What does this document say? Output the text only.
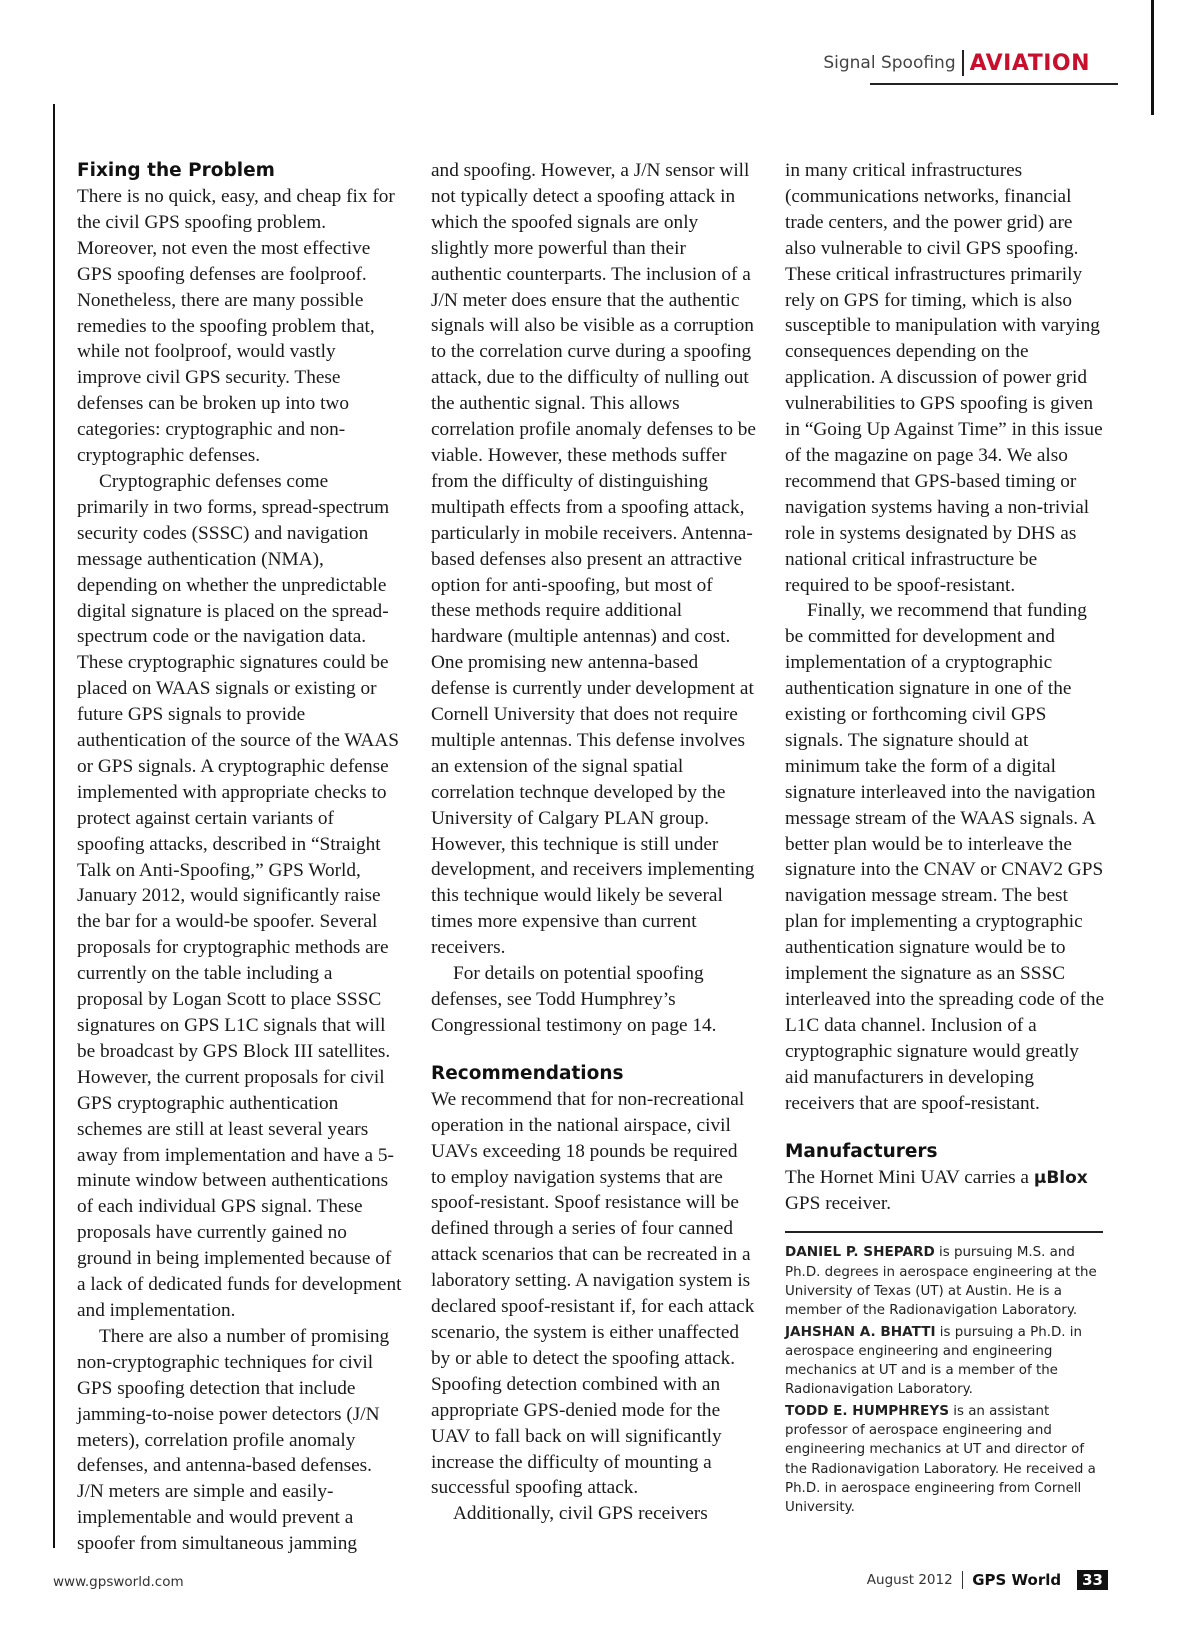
Signal Spoofing AVIATION
Fixing the Problem

There is no quick, easy, and cheap fix for the civil GPS spoofing problem. Moreover, not even the most effective GPS spoofing defenses are foolproof. Nonetheless, there are many possible remedies to the spoofing problem that, while not foolproof, would vastly improve civil GPS security. These defenses can be broken up into two categories: cryptographic and non-cryptographic defenses.

Cryptographic defenses come primarily in two forms, spread-spectrum security codes (SSSC) and navigation message authentication (NMA), depending on whether the unpredictable digital signature is placed on the spread-spectrum code or the navigation data. These cryptographic signatures could be placed on WAAS signals or existing or future GPS signals to provide authentication of the source of the WAAS or GPS signals. A cryptographic defense implemented with appropriate checks to protect against certain variants of spoofing attacks, described in “Straight Talk on Anti-Spoofing,” GPS World, January 2012, would significantly raise the bar for a would-be spoofer. Several proposals for cryptographic methods are currently on the table including a proposal by Logan Scott to place SSSC signatures on GPS L1C signals that will be broadcast by GPS Block III satellites. However, the current proposals for civil GPS cryptographic authentication schemes are still at least several years away from implementation and have a 5-minute window between authentications of each individual GPS signal. These proposals have currently gained no ground in being implemented because of a lack of dedicated funds for development and implementation.

There are also a number of promising non-cryptographic techniques for civil GPS spoofing detection that include jamming-to-noise power detectors (J/N meters), correlation profile anomaly defenses, and antenna-based defenses. J/N meters are simple and easily-implementable and would prevent a spoofer from simultaneous jamming

and spoofing. However, a J/N sensor will not typically detect a spoofing attack in which the spoofed signals are only slightly more powerful than their authentic counterparts. The inclusion of a J/N meter does ensure that the authentic signals will also be visible as a corruption to the correlation curve during a spoofing attack, due to the difficulty of nulling out the authentic signal. This allows correlation profile anomaly defenses to be viable. However, these methods suffer from the difficulty of distinguishing multipath effects from a spoofing attack, particularly in mobile receivers. Antenna-based defenses also present an attractive option for anti-spoofing, but most of these methods require additional hardware (multiple antennas) and cost. One promising new antenna-based defense is currently under development at Cornell University that does not require multiple antennas. This defense involves an extension of the signal spatial correlation technque developed by the University of Calgary PLAN group. However, this technique is still under development, and receivers implementing this technique would likely be several times more expensive than current receivers.

For details on potential spoofing defenses, see Todd Humphrey’s Congressional testimony on page 14.

Recommendations

We recommend that for non-recreational operation in the national airspace, civil UAVs exceeding 18 pounds be required to employ navigation systems that are spoof-resistant. Spoof resistance will be defined through a series of four canned attack scenarios that can be recreated in a laboratory setting. A navigation system is declared spoof-resistant if, for each attack scenario, the system is either unaffected by or able to detect the spoofing attack. Spoofing detection combined with an appropriate GPS-denied mode for the UAV to fall back on will significantly increase the difficulty of mounting a successful spoofing attack.

Additionally, civil GPS receivers

in many critical infrastructures (communications networks, financial trade centers, and the power grid) are also vulnerable to civil GPS spoofing. These critical infrastructures primarily rely on GPS for timing, which is also susceptible to manipulation with varying consequences depending on the application. A discussion of power grid vulnerabilities to GPS spoofing is given in “Going Up Against Time” in this issue of the magazine on page 34. We also recommend that GPS-based timing or navigation systems having a non-trivial role in systems designated by DHS as national critical infrastructure be required to be spoof-resistant.

Finally, we recommend that funding be committed for development and implementation of a cryptographic authentication signature in one of the existing or forthcoming civil GPS signals. The signature should at minimum take the form of a digital signature interleaved into the navigation message stream of the WAAS signals. A better plan would be to interleave the signature into the CNAV or CNAV2 GPS navigation message stream. The best plan for implementing a cryptographic authentication signature would be to implement the signature as an SSSC interleaved into the spreading code of the L1C data channel. Inclusion of a cryptographic signature would greatly aid manufacturers in developing receivers that are spoof-resistant.

Manufacturers

The Hornet Mini UAV carries a µBlox GPS receiver.

DANIEL P. SHEPARD is pursuing M.S. and Ph.D. degrees in aerospace engineering at the University of Texas (UT) at Austin. He is a member of the Radionavigation Laboratory.

JAHSHAN A. BHATTI is pursuing a Ph.D. in aerospace engineering and engineering mechanics at UT and is a member of the Radionavigation Laboratory.

TODD E. HUMPHREYS is an assistant professor of aerospace engineering and engineering mechanics at UT and director of the Radionavigation Laboratory. He received a Ph.D. in aerospace engineering from Cornell University.

www.gpsworld.com	August 2012 GPS World	33
